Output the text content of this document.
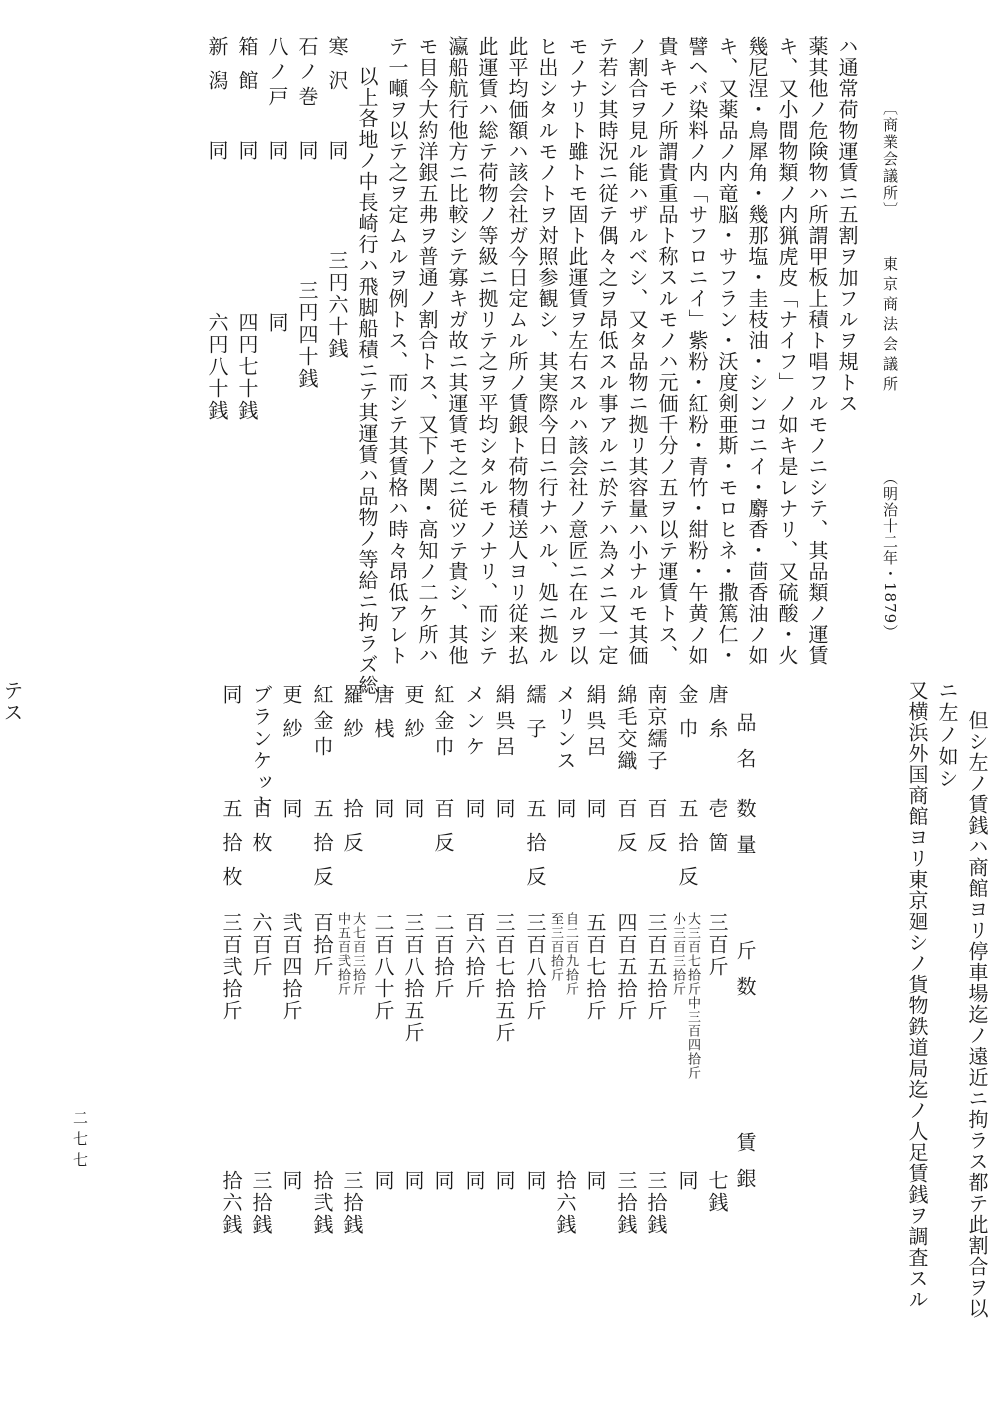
新潟
同
六円八十銭
箱館
同
四円七十銭
八ノ戸
同
同
石ノ巻
同
三円四十銭
寒沢
同
三円六十銭 以上各地ノ中長崎行ハ飛脚船積ニテ其運賃ハ品物ノ等給ニ拘ラズ総 テ一噸ヲ以テ之ヲ定ムルヲ例トス、而シテ其賃格ハ時々昂低アレト モ目今大約洋銀五弗ヲ普通ノ割合トス、又下ノ関・高知ノ二ケ所ハ 瀛船航行他方ニ比較シテ寡キガ故ニ其運賃モ之ニ従ツテ貴シ、其他 此運賃ハ総テ荷物ノ等級ニ拠リテ之ヲ平均シタルモノナリ、而シテ 此平均価額ハ該会社ガ今日定ムル所ノ賃銀ト荷物積送人ヨリ従来払 ヒ出シタルモノトヲ対照参観シ、其実際今日ニ行ナハル、処ニ拠ル モノナリト雖トモ固ト此運賃ヲ左右スルハ該会社ノ意匠ニ在ルヲ以 テ若シ其時況ニ従テ偶々之ヲ昂低スル事アルニ於テハ為メニ又一定 ノ割合ヲ見ル能ハザルベシ、又タ品物ニ拠リ其容量ハ小ナルモ其価 貴キモノ所謂貴重品ト称スルモノハ元価千分ノ五ヲ以テ運賃トス、 譬ヘバ染料ノ内「サフロニイ」紫粉・紅粉・青竹・紺粉・午黄ノ如 キ、又薬品ノ内竜脳・サフラン・沃度剣亜斯・モロヒネ・撒篤仁・ 幾尼涅・鳥犀角・幾那塩・圭枝油・シンコニイ・麝香・茴香油ノ如 キ、又小間物類ノ内猟虎皮「ナイフ」ノ如キ是レナリ、又硫酸・火 薬其他ノ危険物ハ所謂甲板上積ト唱フルモノニシテ、其品類ノ運賃 ハ通常荷物運賃ニ五割ヲ加フルヲ規トス 〔商業会議所〕
東京商法会議所
（明治十二年・1879）
又横浜外国商館ヨリ東京廻シノ貨物鉄道局迄ノ人足賃銭ヲ調査スル ニ左ノ如シ 但シ左ノ賃銭ハ商館ヨリ停車場迄ノ遠近ニ拘ラス都テ此割合ヲ以
テス
品名
数量
斤数
賃銀
唐糸
壱箇
三百斤
七銭
金巾
五拾反
大三百七拾斤中三百四拾斤
小三百三拾斤
同
南京繻子
百反
三百五拾斤
三拾銭
綿毛交織
百反
四百五拾斤
三拾銭
絹呉呂
同
五百七拾斤
同
メリンス
同
自二百九拾斤
至三百拾斤
拾六銭
繻子
五拾反
三百八拾斤
同
絹呉呂
同
三百七拾五斤
同
メンケ
同
百六拾斤
同
紅金巾
百反
二百拾斤
同
更紗
同
三百八拾五斤
同
唐桟
同
二百八十斤
同
羅紗
拾反
大七百三拾斤
中五百弐拾斤
三拾銭
紅金巾
五拾反
百拾斤
拾弐銭
更紗
同
弐百四拾斤
同
ブランケット
百枚
六百斤
三拾銭
同
五拾枚
三百弐拾斤
拾六銭
二七七
